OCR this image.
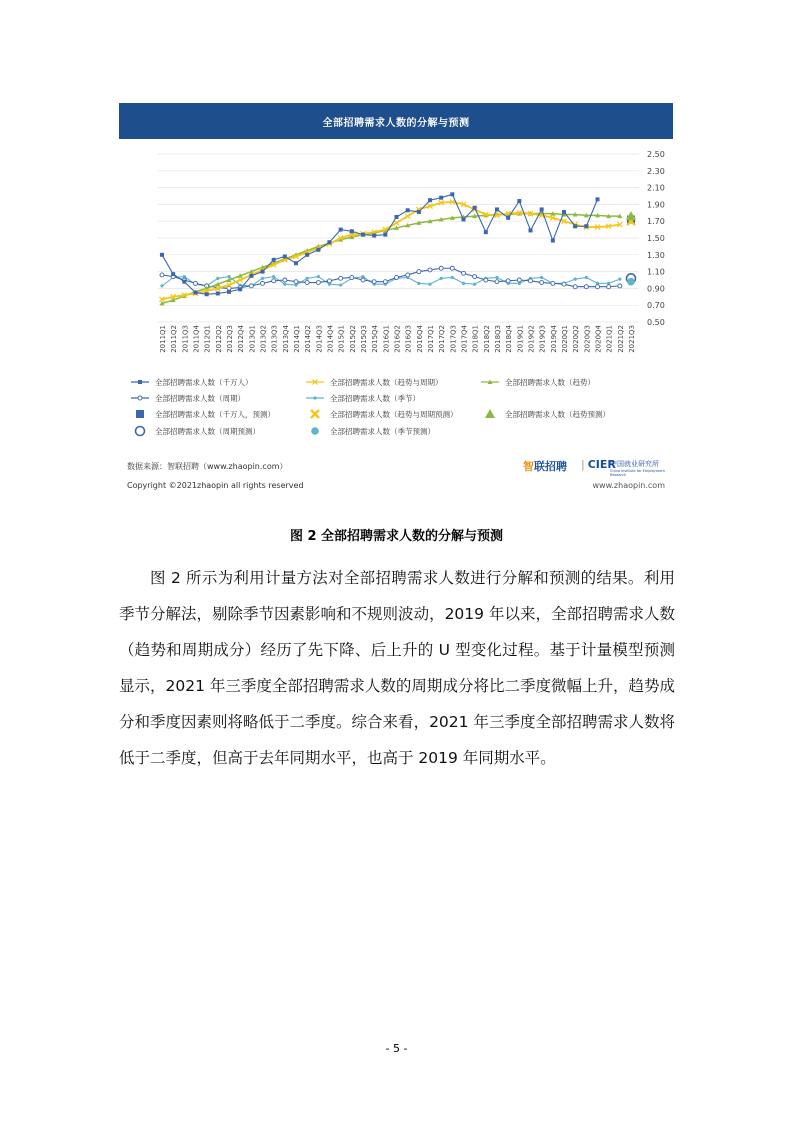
全部招聘需求人数的分解与预测
2.50
2.30
2.10
1.90
1.70
1.50
1.30
1.10
0.90
0.70
0.50
2011Q1 2011Q2 2011Q3 2011Q4 2012Q1 2012Q2 2012Q3 2012Q4 2013Q1 2013Q2 2013Q3 2013Q4 2014Q1 2014Q2 2014Q3 2014Q4 2015Q1 2015Q2 2015Q3 2015Q4 2016Q1 2016Q2 2016Q3 2016Q4 2017Q1 2017Q2 2017Q3 2017Q4 2018Q1 2018Q2 2018Q3 2018Q4 2019Q1 2019Q2 2019Q3 2019Q4 2020Q1 2020Q2 2020Q3 2020Q4 2021Q1 2021Q2 2021Q3
全部招聘需求人数（千万人）	全部招聘需求人数（趋势与周期）	全部招聘需求人数（趋势）
全部招聘需求人数（周期）	全部招聘需求人数（季节）
全部招聘需求人数（千万人，预测）	全部招聘需求人数（趋势与周期预测）	全部招聘需求人数（趋势预测）
全部招聘需求人数（周期预测）	全部招聘需求人数（季节预测）
数据来源：智联招聘（www.zhaopin.com）	智联招聘 | CIER
中国就业研究所
China Institute for Employment Research
Copyright ©2021zhaopin all rights reserved	www.zhaopin.com
图 2 全部招聘需求人数的分解与预测

图 2 所示为利用计量方法对全部招聘需求人数进行分解和预测的结果。利用季节分解法，剔除季节因素影响和不规则波动，2019 年以来，全部招聘需求人数（趋势和周期成分）经历了先下降、后上升的 U 型变化过程。基于计量模型预测显示，2021 年三季度全部招聘需求人数的周期成分将比二季度微幅上升，趋势成分和季度因素则将略低于二季度。综合来看，2021 年三季度全部招聘需求人数将低于二季度，但高于去年同期水平，也高于 2019 年同期水平。

- 5 -
